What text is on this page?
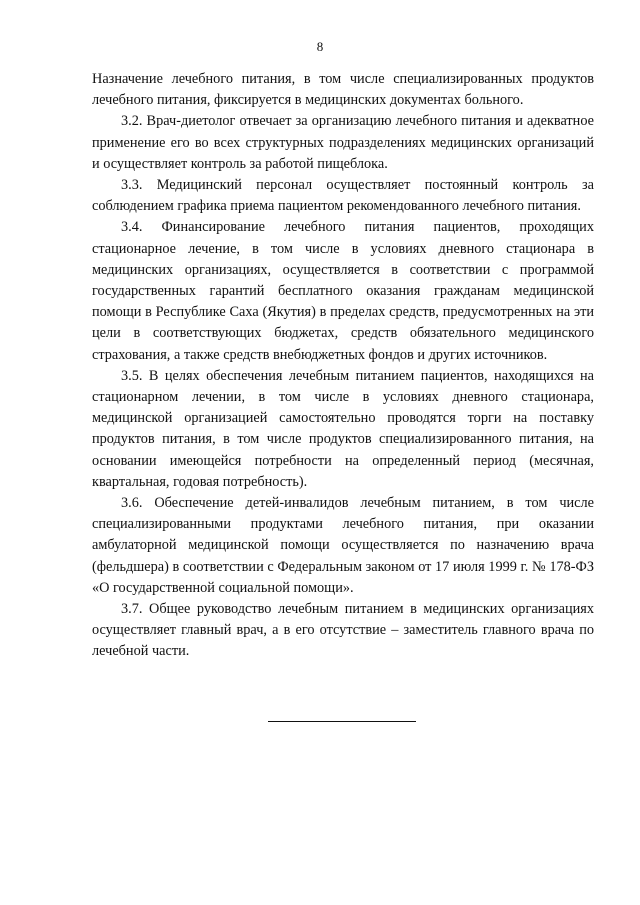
8

Назначение лечебного питания, в том числе специализированных продуктов лечебного питания, фиксируется в медицинских документах больного.

3.2. Врач-диетолог отвечает за организацию лечебного питания и адекватное применение его во всех структурных подразделениях медицинских организаций и осуществляет контроль за работой пищеблока.

3.3. Медицинский персонал осуществляет постоянный контроль за соблюдением графика приема пациентом рекомендованного лечебного питания.

3.4. Финансирование лечебного питания пациентов, проходящих стационарное лечение, в том числе в условиях дневного стационара в медицинских организациях, осуществляется в соответствии с программой государственных гарантий бесплатного оказания гражданам медицинской помощи в Республике Саха (Якутия) в пределах средств, предусмотренных на эти цели в соответствующих бюджетах, средств обязательного медицинского страхования, а также средств внебюджетных фондов и других источников.

3.5. В целях обеспечения лечебным питанием пациентов, находящихся на стационарном лечении, в том числе в условиях дневного стационара, медицинской организацией самостоятельно проводятся торги на поставку продуктов питания, в том числе продуктов специализированного питания, на основании имеющейся потребности на определенный период (месячная, квартальная, годовая потребность).

3.6. Обеспечение детей-инвалидов лечебным питанием, в том числе специализированными продуктами лечебного питания, при оказании амбулаторной медицинской помощи осуществляется по назначению врача (фельдшера) в соответствии с Федеральным законом от 17 июля 1999 г. № 178-ФЗ «О государственной социальной помощи».

3.7. Общее руководство лечебным питанием в медицинских организациях осуществляет главный врач, а в его отсутствие – заместитель главного врача по лечебной части.
